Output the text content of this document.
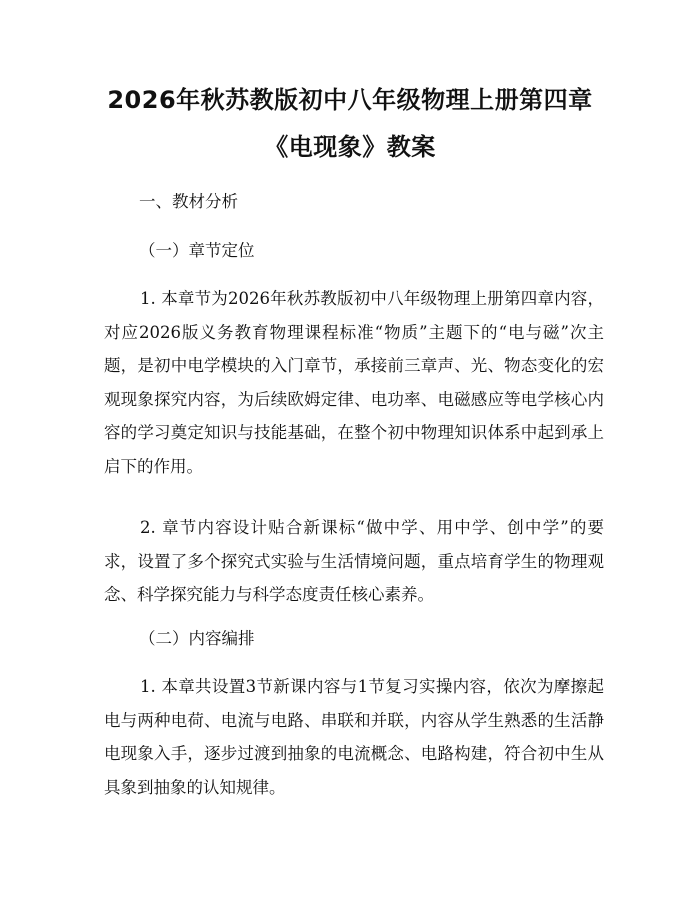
2026年秋苏教版初中八年级物理上册第四章
《电现象》教案
一、教材分析
（一）章节定位
1. 本章节为2026年秋苏教版初中八年级物理上册第四章内容，对应2026版义务教育物理课程标准“物质”主题下的“电与磁”次主题，是初中电学模块的入门章节，承接前三章声、光、物态变化的宏观现象探究内容，为后续欧姆定律、电功率、电磁感应等电学核心内容的学习奠定知识与技能基础，在整个初中物理知识体系中起到承上启下的作用。
2. 章节内容设计贴合新课标“做中学、用中学、创中学”的要求，设置了多个探究式实验与生活情境问题，重点培育学生的物理观念、科学探究能力与科学态度责任核心素养。
（二）内容编排
1. 本章共设置3节新课内容与1节复习实操内容，依次为摩擦起电与两种电荷、电流与电路、串联和并联，内容从学生熟悉的生活静电现象入手，逐步过渡到抽象的电流概念、电路构建，符合初中生从具象到抽象的认知规律。
